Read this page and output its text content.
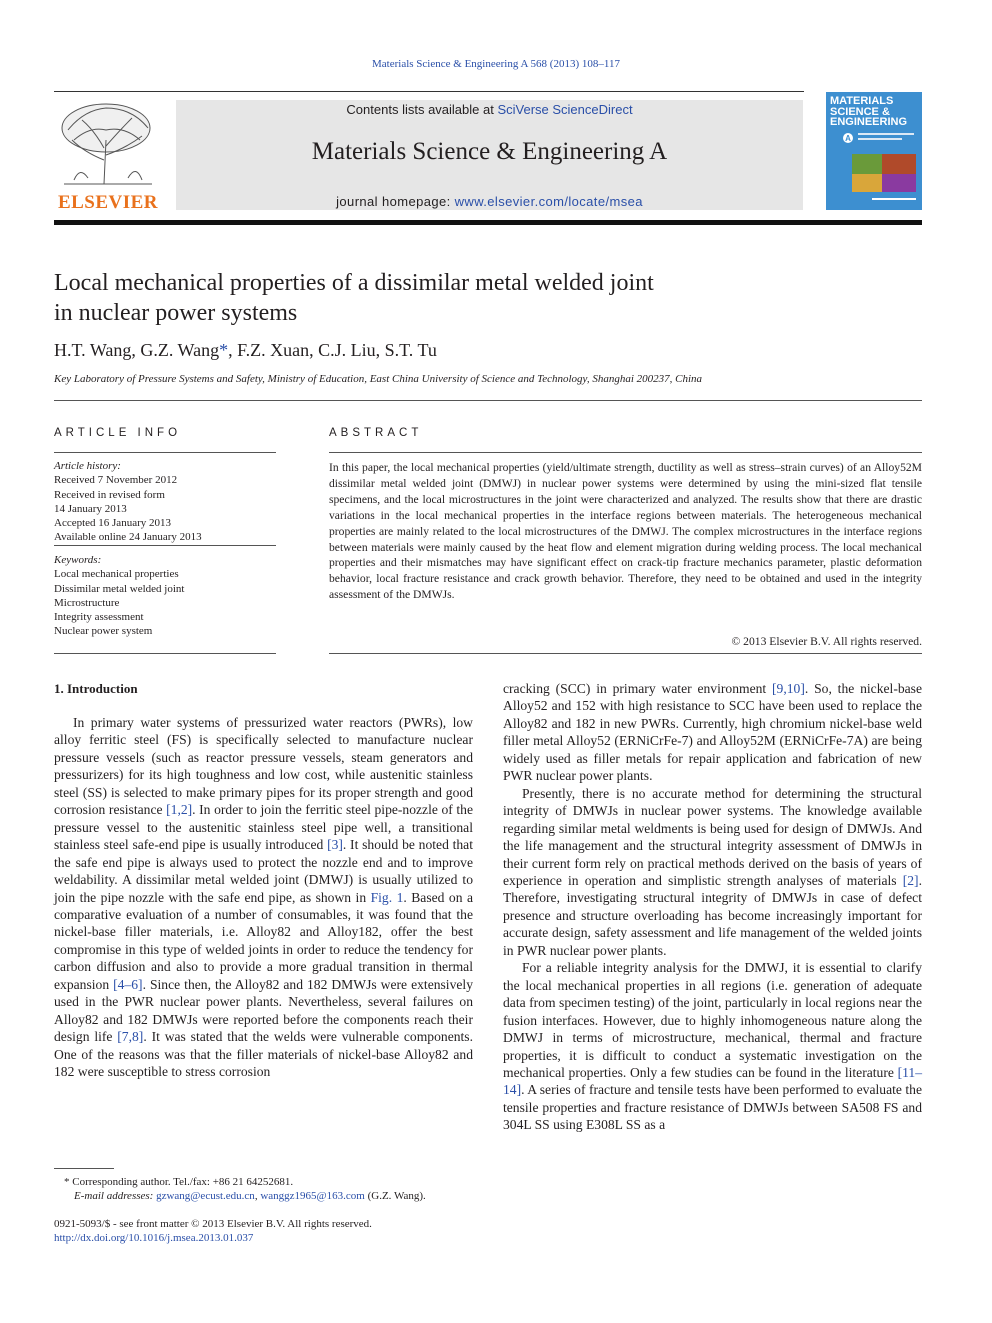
Materials Science & Engineering A 568 (2013) 108–117
ELSEVIER
Contents lists available at SciVerse ScienceDirect
Materials Science & Engineering A
journal homepage: www.elsevier.com/locate/msea
MATERIALS SCIENCE & ENGINEERING
A
Local mechanical properties of a dissimilar metal welded joint
in nuclear power systems
H.T. Wang, G.Z. Wang*, F.Z. Xuan, C.J. Liu, S.T. Tu
Key Laboratory of Pressure Systems and Safety, Ministry of Education, East China University of Science and Technology, Shanghai 200237, China
ARTICLE INFO
Article history:
Received 7 November 2012
Received in revised form
14 January 2013
Accepted 16 January 2013
Available online 24 January 2013
Keywords:
Local mechanical properties
Dissimilar metal welded joint
Microstructure
Integrity assessment
Nuclear power system
ABSTRACT
In this paper, the local mechanical properties (yield/ultimate strength, ductility as well as stress–strain curves) of an Alloy52M dissimilar metal welded joint (DMWJ) in nuclear power systems were determined by using the mini-sized flat tensile specimens, and the local microstructures in the joint were characterized and analyzed. The results show that there are drastic variations in the local mechanical properties in the interface regions between materials. The heterogeneous mechanical properties are mainly related to the local microstructures of the DMWJ. The complex microstructures in the interface regions between materials were mainly caused by the heat flow and element migration during welding process. The local mechanical properties and their mismatches may have significant effect on crack-tip fracture mechanics parameter, plastic deformation behavior, local fracture resistance and crack growth behavior. Therefore, they need to be obtained and used in the integrity assessment of the DMWJs.
© 2013 Elsevier B.V. All rights reserved.
1. Introduction

In primary water systems of pressurized water reactors (PWRs), low alloy ferritic steel (FS) is specifically selected to manufacture nuclear pressure vessels (such as reactor pressure vessels, steam generators and pressurizers) for its high toughness and low cost, while austenitic stainless steel (SS) is selected to make primary pipes for its proper strength and good corrosion resistance [1,2]. In order to join the ferritic steel pipe-nozzle of the pressure vessel to the austenitic stainless steel pipe well, a transitional stainless steel safe-end pipe is usually introduced [3]. It should be noted that the safe end pipe is always used to protect the nozzle end and to improve weldability. A dissimilar metal welded joint (DMWJ) is usually utilized to join the pipe nozzle with the safe end pipe, as shown in Fig. 1. Based on a comparative evaluation of a number of consumables, it was found that the nickel-base filler materials, i.e. Alloy82 and Alloy182, offer the best compromise in this type of welded joints in order to reduce the tendency for carbon diffusion and also to provide a more gradual transition in thermal expansion [4–6]. Since then, the Alloy82 and 182 DMWJs were extensively used in the PWR nuclear power plants. Nevertheless, several failures on Alloy82 and 182 DMWJs were reported before the components reach their design life [7,8]. It was stated that the welds were vulnerable components. One of the reasons was that the filler materials of nickel-base Alloy82 and 182 were susceptible to stress corrosion

cracking (SCC) in primary water environment [9,10]. So, the nickel-base Alloy52 and 152 with high resistance to SCC have been used to replace the Alloy82 and 182 in new PWRs. Currently, high chromium nickel-base weld filler metal Alloy52 (ERNiCrFe-7) and Alloy52M (ERNiCrFe-7A) are being widely used as filler metals for repair application and fabrication of new PWR nuclear power plants.

Presently, there is no accurate method for determining the structural integrity of DMWJs in nuclear power systems. The knowledge available regarding similar metal weldments is being used for design of DMWJs. And the life management and the structural integrity assessment of DMWJs in their current form rely on practical methods derived on the basis of years of experience in operation and simplistic strength analyses of materials [2]. Therefore, investigating structural integrity of DMWJs in case of defect presence and structure overloading has become increasingly important for accurate design, safety assessment and life management of the welded joints in PWR nuclear power plants.

For a reliable integrity analysis for the DMWJ, it is essential to clarify the local mechanical properties in all regions (i.e. generation of adequate data from specimen testing) of the joint, particularly in local regions near the fusion interfaces. However, due to highly inhomogeneous nature along the DMWJ in terms of microstructure, mechanical, thermal and fracture properties, it is difficult to conduct a systematic investigation on the mechanical properties. Only a few studies can be found in the literature [11–14]. A series of fracture and tensile tests have been performed to evaluate the tensile properties and fracture resistance of DMWJs between SA508 FS and 304L SS using E308L SS as a

* Corresponding author. Tel./fax: +86 21 64252681.
E-mail addresses: gzwang@ecust.edu.cn, wanggz1965@163.com (G.Z. Wang).
0921-5093/$ - see front matter © 2013 Elsevier B.V. All rights reserved.
http://dx.doi.org/10.1016/j.msea.2013.01.037
